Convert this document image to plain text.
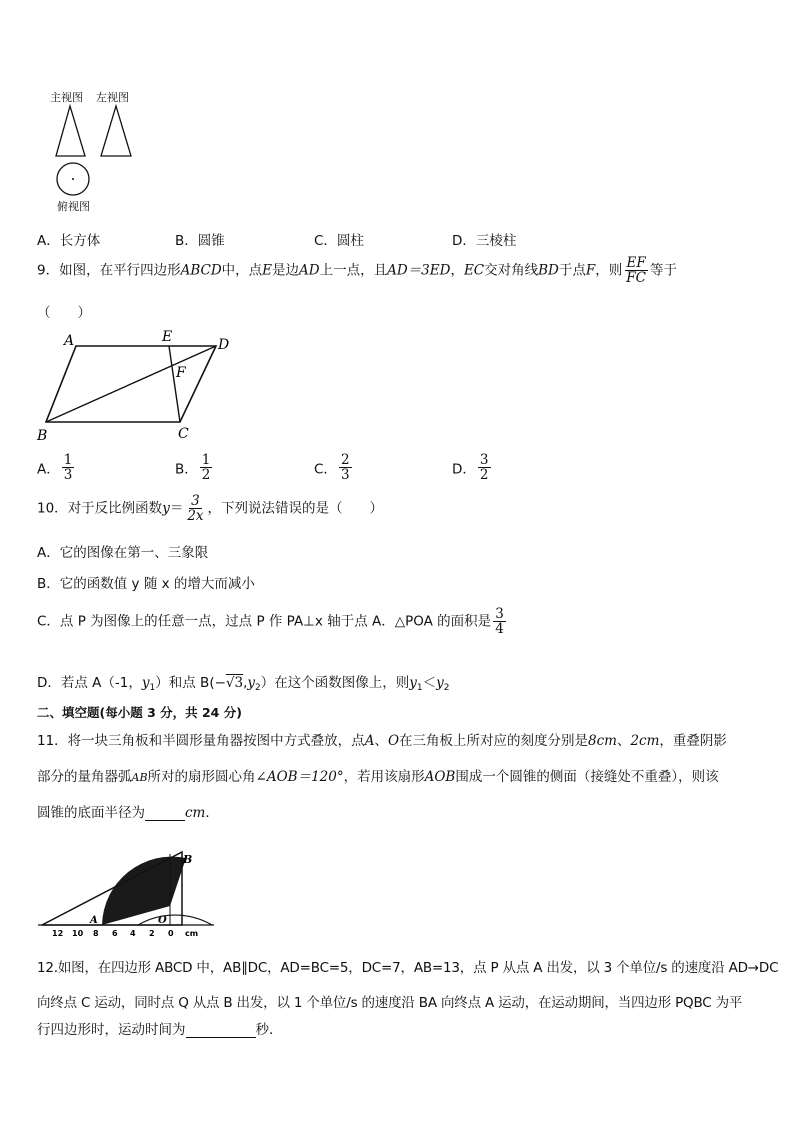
主视图 左视图
俯视图
A．长方体	B．圆锥	C．圆柱	D．三棱柱
9．如图，在平行四边形ABCD中，点E是边AD上一点，且AD＝3ED，EC交对角线BD于点F，则 $\frac{EF}{FC}$ 等于
（　　）
A	E	D
F
B	C
A． $\frac{1}{3}$	B． $\frac{1}{2}$	C． $\frac{2}{3}$	D． $\frac{3}{2}$
10．对于反比例函数$y= \frac{3}{2x}$ ，下列说法错误的是（　　）
A．它的图像在第一、三象限
B．它的函数值 y 随 x 的增大而减小
C．点 P 为图像上的任意一点，过点 P 作 PA⊥x 轴于点 A．△POA 的面积是 $\frac{3}{4}$
D．若点 A（-1，$y_1$）和点 $B(-√3,y_2)$在这个函数图像上，则$y_1<y_2$
二、填空题(每小题 3 分，共 24 分)
11．将一块三角板和半圆形量角器按图中方式叠放，点A、O在三角板上所对应的刻度分别是8cm、2cm，重叠阴影
部分的量角器弧AB所对的扇形圆心角∠AOB＝120°，若用该扇形AOB围成一个圆锥的侧面（接缝处不重叠），则该
圆锥的底面半径为	cm．
B
A	O
12 10 8 6 4 2 0 cm
12.如图，在四边形 ABCD 中，AB∥DC，AD=BC=5，DC=7，AB=13，点 P 从点 A 出发，以 3 个单位/s 的速度沿 AD→DC
向终点 C 运动，同时点 Q 从点 B 出发，以 1 个单位/s 的速度沿 BA 向终点 A 运动，在运动期间，当四边形 PQBC 为平
行四边形时，运动时间为	秒．
